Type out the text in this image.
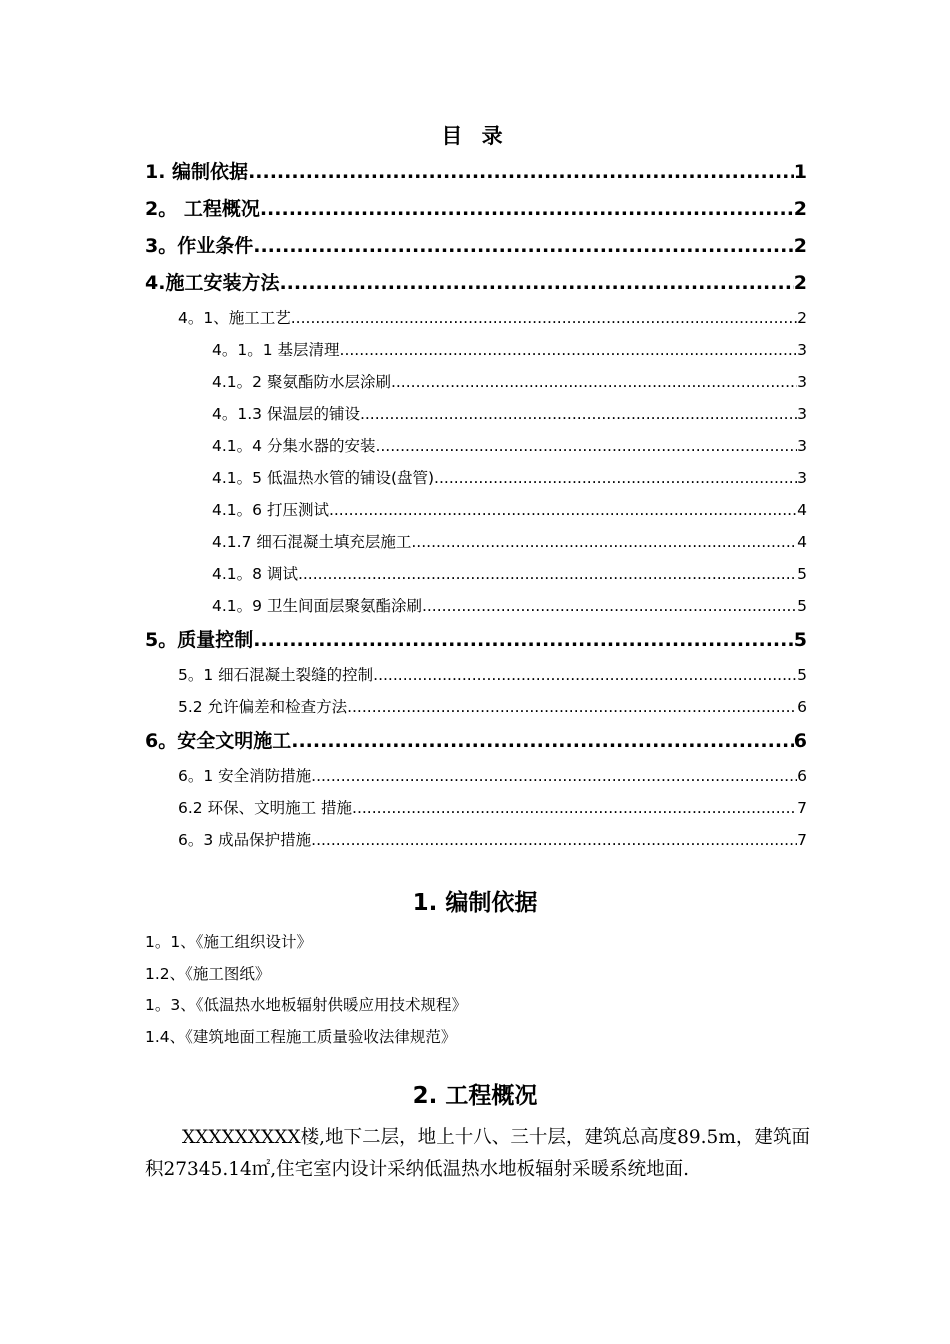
目 录
1. 编制依据 .....	1
2。 工程概况 .....	2
3。作业条件 .....	2
4.施工安装方法 .....	2
4。1、施工工艺 .....	2
4。1。1 基层清理 .....	3
4.1。2 聚氨酯防水层涂刷 .....	3
4。1.3 保温层的铺设 .....	3
4.1。4 分集水器的安装 .....	3
4.1。5 低温热水管的铺设(盘管) .....	3
4.1。6 打压测试 .....	4
4.1.7 细石混凝土填充层施工 .....	4
4.1。8 调试 .....	5
4.1。9 卫生间面层聚氨酯涂刷 .....	5
5。质量控制 .....	5
5。1 细石混凝土裂缝的控制 .....	5
5.2 允许偏差和检查方法 .....	6
6。安全文明施工 .....	6
6。1 安全消防措施 .....	6
6.2 环保、文明施工 措施 .....	7
6。3 成品保护措施 .....	7
1. 编制依据
1。1、《施工组织设计》
1.2、《施工图纸》
1。3、《低温热水地板辐射供暖应用技术规程》
1.4、《建筑地面工程施工质量验收法律规范》
2. 工程概况
XXXXXXXXX楼,地下二层，地上十八、三十层，建筑总高度89.5m，建筑面积27345.14㎡,住宅室内设计采纳低温热水地板辐射采暖系统地面.
